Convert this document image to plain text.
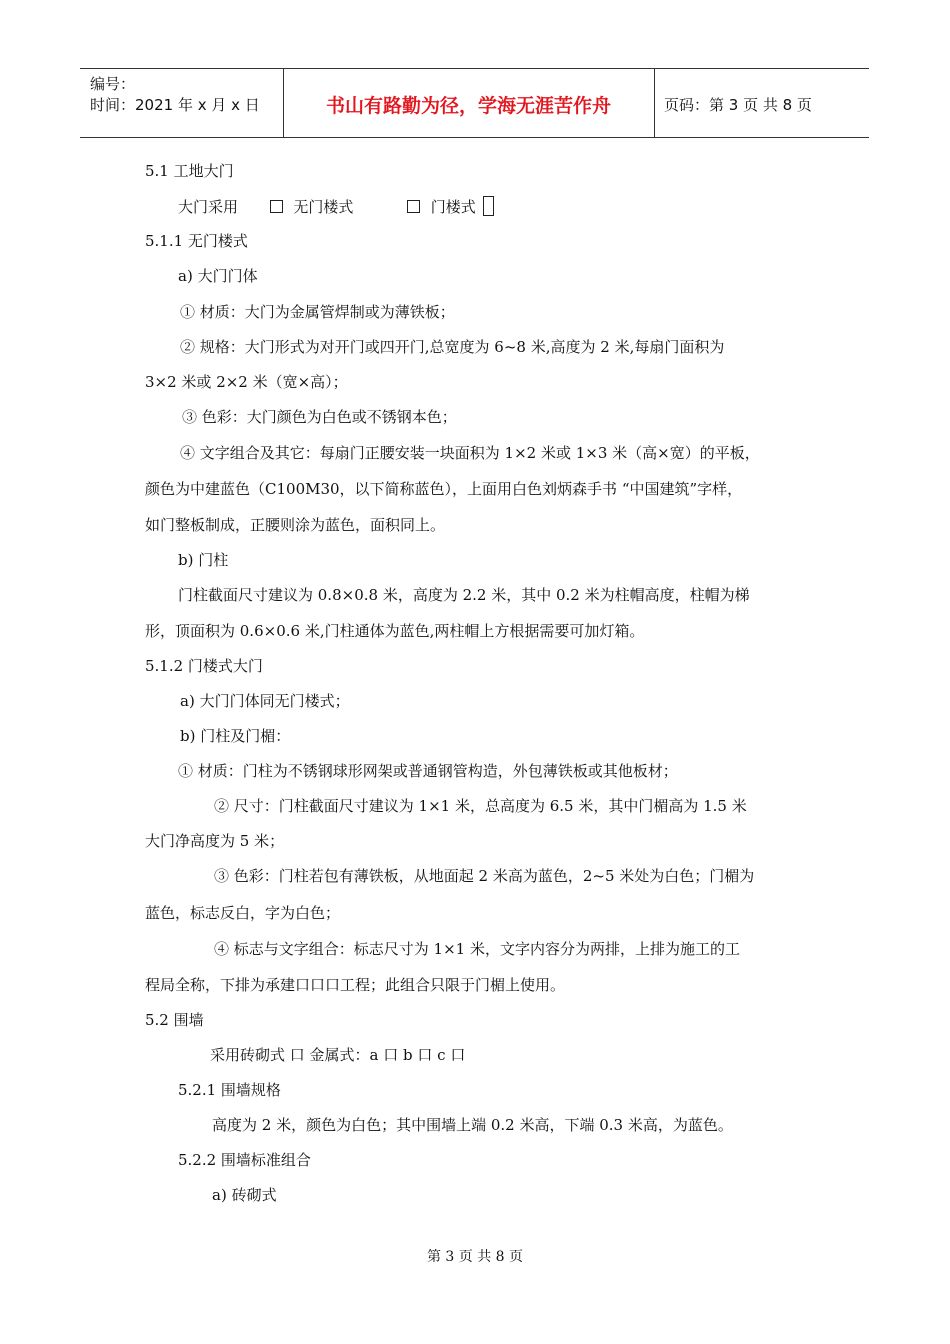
编号：
时间：2021 年 x 月 x 日	书山有路勤为径，学海无涯苦作舟	页码：第 3 页 共 8 页
5.1 工地大门
大门采用	无门楼式	门楼式
5.1.1 无门楼式
a) 大门门体
① 材质：大门为金属管焊制或为薄铁板；
② 规格：大门形式为对开门或四开门,总宽度为 6~8 米,高度为 2 米,每扇门面积为
3×2 米或 2×2 米（宽×高）；
③ 色彩：大门颜色为白色或不锈钢本色；
④ 文字组合及其它：每扇门正腰安装一块面积为 1×2 米或 1×3 米（高×宽）的平板，
颜色为中建蓝色（C100M30，以下简称蓝色），上面用白色刘炳森手书 “中国建筑”字样，
如门整板制成，正腰则涂为蓝色，面积同上。
b) 门柱
门柱截面尺寸建议为 0.8×0.8 米，高度为 2.2 米，其中 0.2 米为柱帽高度，柱帽为梯
形，顶面积为 0.6×0.6 米,门柱通体为蓝色,两柱帽上方根据需要可加灯箱。
5.1.2 门楼式大门
a) 大门门体同无门楼式；
b) 门柱及门楣：
① 材质：门柱为不锈钢球形网架或普通钢管构造，外包薄铁板或其他板材；
② 尺寸：门柱截面尺寸建议为 1×1 米，总高度为 6.5 米，其中门楣高为 1.5 米
大门净高度为 5 米；
③ 色彩：门柱若包有薄铁板，从地面起 2 米高为蓝色，2~5 米处为白色；门楣为
蓝色，标志反白，字为白色；
④ 标志与文字组合：标志尺寸为 1×1 米，文字内容分为两排，上排为施工的工
程局全称，下排为承建口口口工程；此组合只限于门楣上使用。
5.2 围墙
采用砖砌式 口 金属式：a 口 b 口 c 口
5.2.1 围墙规格
高度为 2 米，颜色为白色；其中围墙上端 0.2 米高，下端 0.3 米高，为蓝色。
5.2.2 围墙标准组合
a) 砖砌式
第 3 页 共 8 页
